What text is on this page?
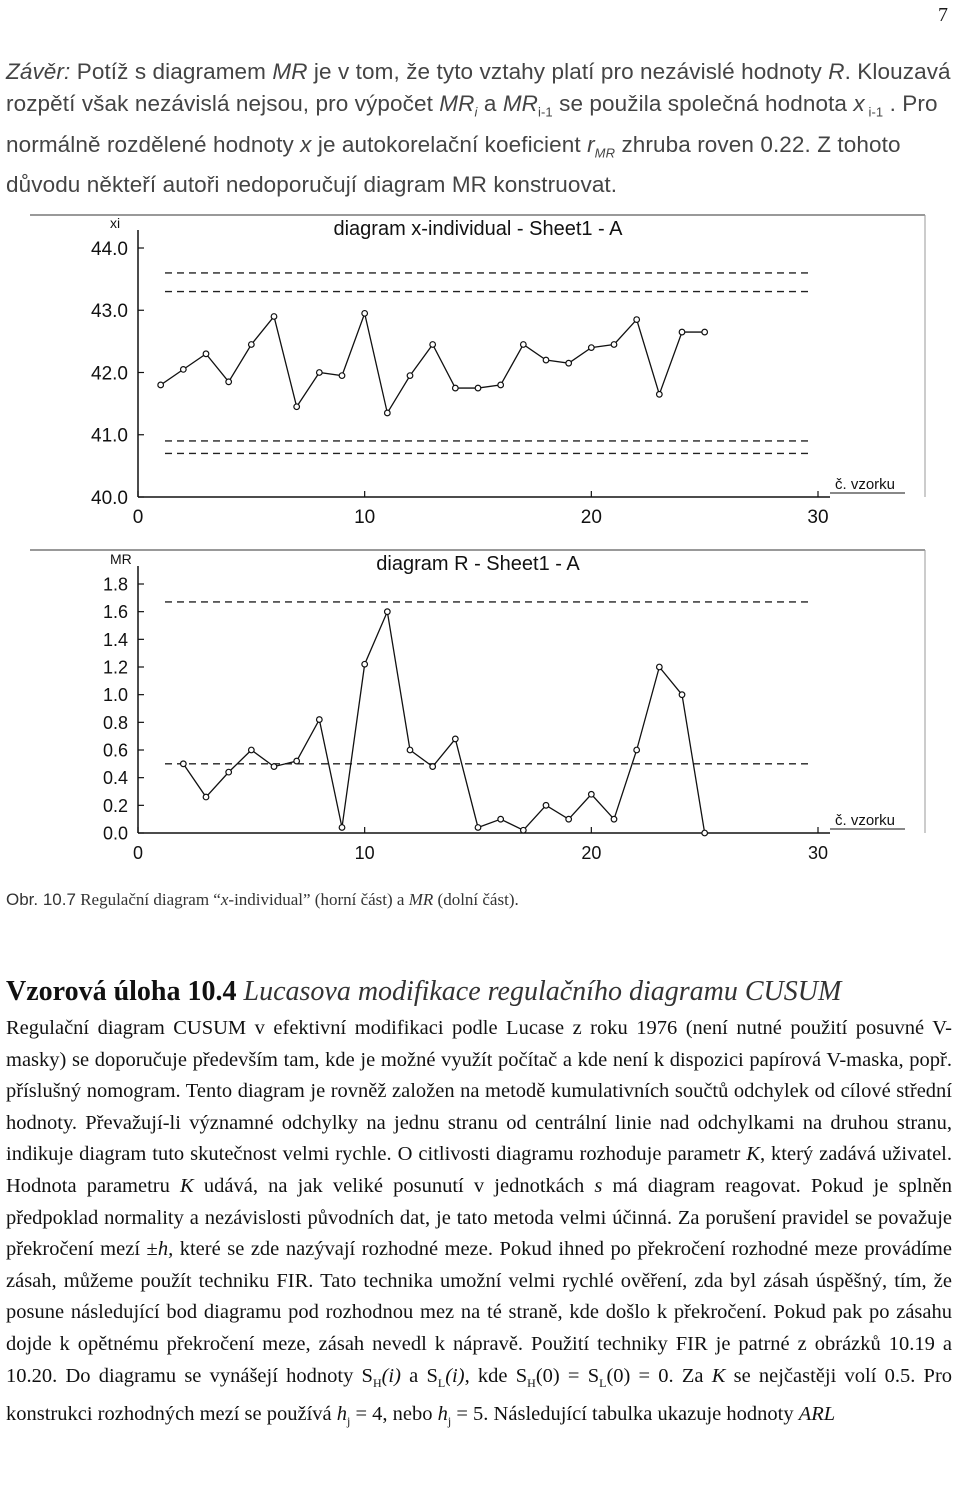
7
Závěr: Potíž s diagramem MR je v tom, že tyto vztahy platí pro nezávislé hodnoty R. Klouzavá rozpětí však nezávislá nejsou, pro výpočet $MR_i$ a $MR_{i-1}$ se použila společná hodnota x $_{i-1}$ . Pro normálně rozdělené hodnoty x je autokorelační koeficient $r_{MR}$ zhruba roven 0.22. Z tohoto důvodu někteří autoři nedoporučují diagram MR konstruovat.
40.0
41.0
42.0
43.0
44.0
0	10	20	30
xi
č. vzorku
diagram x-individual - Sheet1 - A
0.0
0.2
0.4
0.6
0.8
1.0
1.2
1.4
1.6
1.8
0	10	20	30
MR
č. vzorku
diagram R - Sheet1 - A
Obr. 10.7 Regulační diagram “x-individual” (horní část) a MR (dolní část).
Vzorová úloha 10.4 Lucasova modifikace regulačního diagramu CUSUM
Regulační diagram CUSUM v efektivní modifikaci podle Lucase z roku 1976 (není nutné použití posuvné V-masky) se doporučuje především tam, kde je možné využít počítač a kde není k dispozici papírová V-maska, popř. příslušný nomogram. Tento diagram je rovněž založen na metodě kumulativních součtů odchylek od cílové střední hodnoty. Převažují-li významné odchylky na jednu stranu od centrální linie nad odchylkami na druhou stranu, indikuje diagram tuto skutečnost velmi rychle. O citlivosti diagramu rozhoduje parametr K, který zadává uživatel. Hodnota parametru K udává, na jak veliké posunutí v jednotkách s má diagram reagovat. Pokud je splněn předpoklad normality a nezávislosti původních dat, je tato metoda velmi účinná. Za porušení pravidel se považuje překročení mezí ±h, které se zde nazývají rozhodné meze. Pokud ihned po překročení rozhodné meze provádíme zásah, můžeme použít techniku FIR. Tato technika umožní velmi rychlé ověření, zda byl zásah úspěšný, tím, že posune následující bod diagramu pod rozhodnou mez na té straně, kde došlo k překročení. Pokud pak po zásahu dojde k opětnému překročení meze, zásah nevedl k nápravě. Použití techniky FIR je patrné z obrázků 10.19 a 10.20. Do diagramu se vynášejí hodnoty $S_H(i)$ a $S_L(i)$, kde $S_H(0) = S_L(0) = 0$. Za K se nejčastěji volí 0.5. Pro konstrukci rozhodných mezí se používá $h_j = 4$, nebo $h_j = 5$. Následující tabulka ukazuje hodnoty ARL
